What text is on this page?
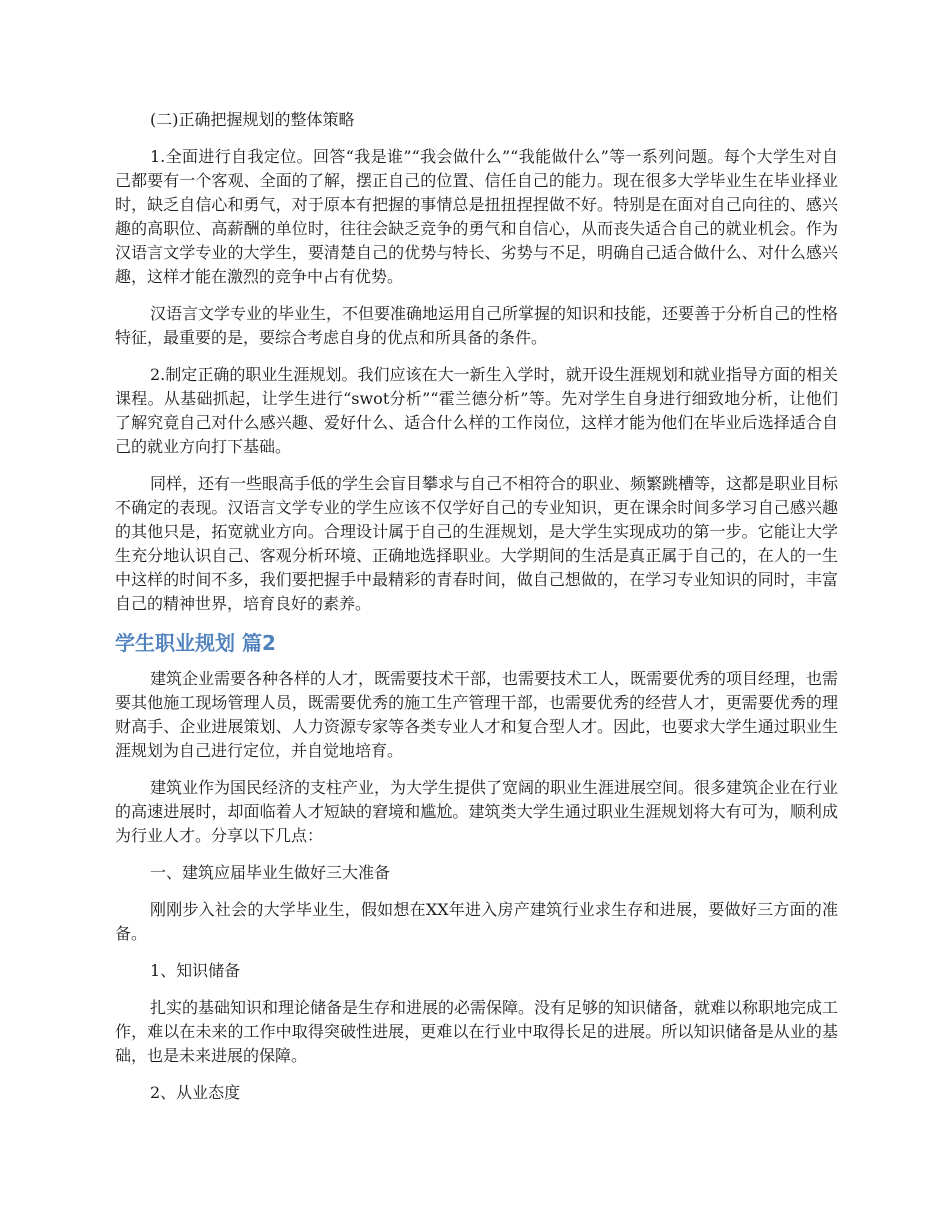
(二)正确把握规划的整体策略

1.全面进行自我定位。回答“我是谁”“我会做什么”“我能做什么”等一系列问题。每个大学生对自己都要有一个客观、全面的了解，摆正自己的位置、信任自己的能力。现在很多大学毕业生在毕业择业时，缺乏自信心和勇气，对于原本有把握的事情总是扭扭捏捏做不好。特别是在面对自己向往的、感兴趣的高职位、高薪酬的单位时，往往会缺乏竞争的勇气和自信心，从而丧失适合自己的就业机会。作为汉语言文学专业的大学生，要清楚自己的优势与特长、劣势与不足，明确自己适合做什么、对什么感兴趣，这样才能在激烈的竞争中占有优势。

汉语言文学专业的毕业生，不但要准确地运用自己所掌握的知识和技能，还要善于分析自己的性格特征，最重要的是，要综合考虑自身的优点和所具备的条件。

2.制定正确的职业生涯规划。我们应该在大一新生入学时，就开设生涯规划和就业指导方面的相关课程。从基础抓起，让学生进行“swot分析”“霍兰德分析”等。先对学生自身进行细致地分析，让他们了解究竟自己对什么感兴趣、爱好什么、适合什么样的工作岗位，这样才能为他们在毕业后选择适合自己的就业方向打下基础。

同样，还有一些眼高手低的学生会盲目攀求与自己不相符合的职业、频繁跳槽等，这都是职业目标不确定的表现。汉语言文学专业的学生应该不仅学好自己的专业知识，更在课余时间多学习自己感兴趣的其他只是，拓宽就业方向。合理设计属于自己的生涯规划，是大学生实现成功的第一步。它能让大学生充分地认识自己、客观分析环境、正确地选择职业。大学期间的生活是真正属于自己的，在人的一生中这样的时间不多，我们要把握手中最精彩的青春时间，做自己想做的，在学习专业知识的同时，丰富自己的精神世界，培育良好的素养。

学生职业规划 篇2

建筑企业需要各种各样的人才，既需要技术干部，也需要技术工人，既需要优秀的项目经理，也需要其他施工现场管理人员，既需要优秀的施工生产管理干部，也需要优秀的经营人才，更需要优秀的理财高手、企业进展策划、人力资源专家等各类专业人才和复合型人才。因此，也要求大学生通过职业生涯规划为自己进行定位，并自觉地培育。

建筑业作为国民经济的支柱产业，为大学生提供了宽阔的职业生涯进展空间。很多建筑企业在行业的高速进展时，却面临着人才短缺的窘境和尴尬。建筑类大学生通过职业生涯规划将大有可为，顺利成为行业人才。分享以下几点：

一、建筑应届毕业生做好三大准备

刚刚步入社会的大学毕业生，假如想在XX年进入房产建筑行业求生存和进展，要做好三方面的准备。

1、知识储备

扎实的基础知识和理论储备是生存和进展的必需保障。没有足够的知识储备，就难以称职地完成工作，难以在未来的工作中取得突破性进展，更难以在行业中取得长足的进展。所以知识储备是从业的基础，也是未来进展的保障。

2、从业态度
